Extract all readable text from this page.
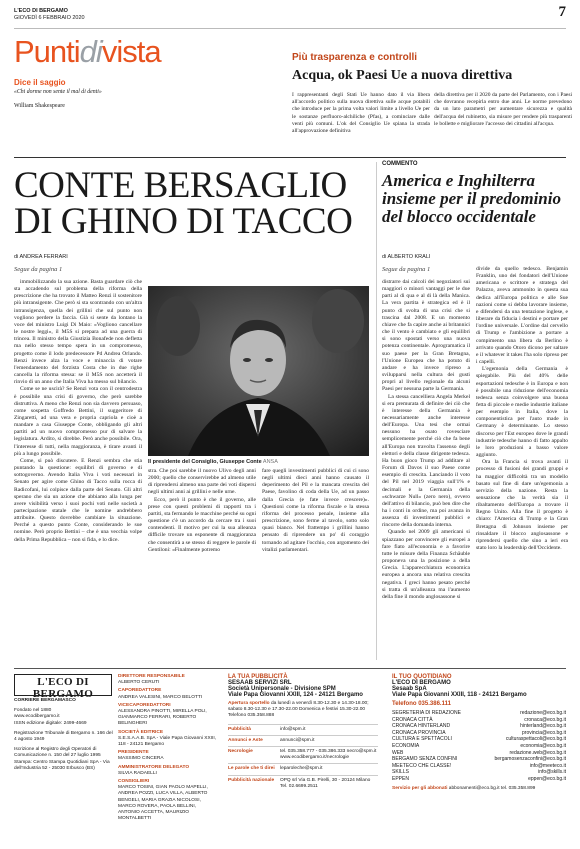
L'ECO DI BERGAMO
GIOVEDÌ 6 FEBBRAIO 2020	7
Puntidivista
Dice il saggio
«Chi dorme non sente il mal di denti»
William Shakespeare
Più trasparenza e controlli
Acqua, ok Paesi Ue a nuova direttiva
I rappresentanti degli Stati Ue hanno dato il via libera all'accordo politico sulla nuova direttiva sulle acque potabili che introduce per la prima volta valori limite a livello Ue per le sostanze perfluoro-alchiliche (Pfas), a cominciare dalle venti più comuni. L'ok del Consiglio Ue spiana la strada all'approvazione definitiva
della direttiva per il 2020 da parte del Parlamento, con i Paesi che dovranno recepirla entro due anni. Le norme prevedono da un lato parametri per aumentare sicurezza e qualità dell'acqua del rubinetto, sia misure per rendere più trasparenti le bollette e migliorare l'accesso dei cittadini all'acqua.
CONTE BERSAGLIO DI GHINO DI TACCO
COMMENTO
America e Inghilterra insieme per il predominio del blocco occidentale
di ANDREA FERRARI
Segue da pagina 1

immobilizzando la sua azione. Basta guardare ciò che sta accadendo sul problema della riforma della prescrizione che ha trovato il Matteo Renzi il sostenitore più intransigente. Che però si sta scontrando con un'altra intransigenza, quella dei grillini che sul punto non vogliono perdere la faccia. Già si sente da lontano la voce del ministro Luigi Di Maio: «Vogliono cancellare le nostre leggi», il M5S si prepara ad una guerra di trincea. Il ministro della Giustizia Bonafede non defletta ma nello stesso tempo spera in un compromesso, progetto come il lodo predecessore Pd Andrea Orlando. Renzi invece alza la voce e minaccia di votare l'emendamento del forzista Costa che in due righe cancella la riforma stessa: se il M5S non accetterà il rinvio di un anno che Italia Viva ha messo sul bilancio.

Come se ne uscirà? Se Renzi vota con il centrodestra è possibile una crisi di governo, che però sarebbe distruttiva. A meno che Renzi non sia davvero persuaso, come sospetta Goffredo Bettini, il suggeritore di Zingaretti, ad una vera e propria capriola e cioè a mandare a casa Giuseppe Conte, obbligando gli altri partiti ad un nuovo compromesso pur di salvare la legislatura. Ardito, si direbbe. Però anche possibile. Ora, l'interesse di tutti, nella maggioranza, è tirare avanti il più a lungo possibile.

Come, si può discutere. E Renzi sembra che stia puntando la questione: equilibri di governo e di sottogoverno. Avendo Italia Viva i voti necessari in Senato per agire come Ghino di Tacco sulla rocca di Radicofani, lui colpisce dalla parte del Senato. Gli altri sperano che sia un azione che abbiamo alla lunga per avere visibilità verso i suoi pochi voti nelle società a partecipazione statale che le nomine andrebbero attribuite. Questo dovrebbe cambiare la situazione. Perché a questo punto Conte, considerando le sue nomine. Però proprio Bettini – che è una vecchia volpe della Prima Repubblica – non si fida, e lo dice.

Il presidente del Consiglio, Giuseppe Conte ANSA

stra. Che poi sarebbe il nuovo Ulivo degli anni 2000; quello che conservirebbe ad almeno utile di riprendersi almeno una parte dei voti dispersi negli ultimi anni ai grillini e nelle urne.

Ecco, però il punto è che il governo, alle prese con questi problemi di rapporti tra i partiti, sta fermando le macchine perché su ogni questione c'è un accordo da cercare tra i suoi contendenti. Il motivo per cui la sua alleanza difficile trovare un esponente di maggioranza che consentirà a se stesso di reggere le parole di Gentiloni: «Finalmente potremo

fare quegli investimenti pubblici di cui ci sono negli ultimi dieci anni hanno causato il deperimento del Pil e la mancata crescita del Paese, favolino di coda della Ue, ad un passo dalla Grecia (e fate invece crescere)». Questioni come la riforma fiscale e la stessa riforma del processo penale, insieme alla prescrizione, sono ferme al tavolo, sotto solo quasi bianco. Nel frattempo i grillini hanno pensato di riprendere un po' di coraggio tornando ad agitare l'occhio, con argomento dei vitalizi parlamentari.

di ALBERTO KRALI
Segue da pagina 1

distrarre dai calcoli dei negoziatori sui maggiori o minori vantaggi per le due parti al di qua e al di là della Manica. La vera partita è strategica ed è il punto di svolta di una crisi che si trascina dal 2008. E un momento chiave che fa capire anche ai britannici che il vento è cambiato e gli equilibri si sono spostati verso una nuova potenza continentale. Aprogramatica il suo paese per la Gran Bretagna, l'Unione Europea che ha potuto di andare e ha invece ripreso a svilupparsi nella cultura dei gusti propri al livello regionale da alcuni Paesi per nessuna parte la Germania.

La stessa cancelliera Angela Merkel si era premurata di definire dei ciò che è interesse della Germania è necessariamente anche interesse dell'Europa. Una tesi che ormai nessuno ha osato rovesciare semplicemente perché ciò che fa bene all'Europa non travolta l'assenso degli elettori e della classe dirigente tedesca. Ha buon gioco Trump ad additare al Forum di Davos il suo Paese come esempio di crescita. Lanciando il voto del Pil nel 2019 viaggia sull'1% e decimali e la Germania della «schwarze Null» (zero nero), ovvero dell'attivo di bilancio, può ben dire che ha i conti in ordine, ma poi avanza in assenza di investimenti pubblici e rincorre della domanda interna.

Quando nel 2009 gli americani si spiazzano per convincere gli europei a fare fiato all'economia e a favorire tutte le misure della Finanza Schäuble proponeva una la posizione a della Grecia. L'apparecchiatura economica europea a ancora una relativa crescita negativa. I greci hanno pesato perché si tratta di un'alleanza ma l'aumento della fine il mondo anglosassone si

divide da quello tedesco. Benjamin Franklin, uno dei fondatori dell'Unione americana e scrittore e stratega del Palazzo, aveva ammonito in questa sua dedica all'Europa politica e alle Sue nazioni come si debba lavorare insieme, e difendersi da una tentazione inglese, e liberare da fiducia i destini e portare per l'ordine universale. L'ordine dal cervello di Trump e l'ambizione a portare a compimento una libera da Berlino è arrivato quando Otoro dicono per saltare e il whatever it takes l'ha solo ripreso per i capelli.

L'egemonia della Germania è spiegabile. Più del 40% delle esportazioni tedesche è in Europa e non è possibile una riduzione dell'economia tedesca senza coinvolgere una buona fetta di piccole e medie industrie italiane per esempio in Italia, dove la componentistica per l'auto made in Germany è determinante. Lo stesso discorso per l'Est europeo dove le grandi industrie tedesche hanno di fatto appalto le loro produzioni a basso valore aggiunto.

Ora la Francia si trova avanti il processo di fusioni dei grandi gruppi e ha maggior difficoltà tra un modello basato sul fine di dare un'egemonia a servizio della nazione. Resta la sensazione che la verità sia il ribaltamento dell'Europa a trovare il Regno Unito. Alla fine il progetto è chiaro: l'America di Trump e la Gran Bretagna di Johnson insieme per rinsaldare il blocco anglosassone e riprendersi quello che sino a ieri era stato loro la leadership dell'Occidente.

L'ECO DI BERGAMO
CORRIERE BERGAMASCO
Fondato nel 1880
www.ecodibergamo.it
ISSN edizione digitale: 2499-4669
Registrazione Tribunale di Bergamo n. 166 del 4 agosto 1949
Iscrizione al Registro degli Operatori di Comunicazione n. 150 del 27 luglio 1995 Stampa: Centro Stampa Quotidiani SpA - Via dell'Industria 52 - 25030 Erbusco (BS)
DIRETTORE RESPONSABILE
ALBERTO CERUTI
CAPOREDATTORE
ANDREA VALESINI, MARCO BELOTTI
VICECAPOREDATTORI
ALESSANDRA PINOTTI, MIRELLA POLI, GIANMARCO FERRARI, ROBERTO BELINGHERI
SOCIETÀ EDITRICE
S.E.S.A.A.B. SpA - Viale Papa Giovanni XXIII, 118 - 24121 Bergamo
PRESIDENTE
MASSIMO CINCERA
AMMINISTRATORE DELEGATO
SILVIA RADAELLI
CONSIGLIERI
MARCO TOSINI, GIAN PAOLO MAPELLI, ANDREA POZZI, LUCA VILLA, ALBERTO BENGELI, MARIA GRAZIA NICOLOSI, MARCO ROVERA, PAOLA BELLINI, ANTONIO ACCETTA, MAURIZIO MONTALBETTI
LA TUA PUBBLICITÀ
SESAAB SERVIZI SRL
Società Unipersonale - Divisione SPM
Viale Papa Giovanni XXIII, 124 - 24121 Bergamo
Apertura sportello da lunedì a venerdì 8.30-12.30 e 14.30-18.00; sabato 8.30-12.30 e 17.30-22.00 Domenica e festivi 15.30-22.00 Telefono 035.358.888
Pubblicità	info@spm.it
Annunci e Aste	annunci@spm.it
Necrologie	tel. 035.358.777 - 035.386.333 necro@spm.it www.ecodibergamo.it/necrologie
Le parole che ti direi	leparoleche@spm.it
Pubblicità nazionale	OPQ srl Via G.B. Pirelli, 30 - 20124 Milano Tel. 02.6699.2511
IL TUO QUOTIDIANO
L'ECO DI BERGAMO
Sesaab SpA
Viale Papa Giovanni XXIII, 118 - 24121 Bergamo
Telefono 035.386.111
SEGRETERIA DI REDAZIONE	redazione@eco.bg.it
CRONACA CITTÀ	cronaca@eco.bg.it
CRONACA HINTERLAND	hinterland@eco.bg.it
CRONACA PROVINCIA	provincia@eco.bg.it
CULTURA E SPETTACOLI	culturaspettacoli@eco.bg.it
ECONOMIA	economia@eco.bg.it
WEB	redazione.web@eco.bg.it
BERGAMO SENZA CONFINI	bergamosenzaconfini@eco.bg.it
MEETECO CHE CLASSE!	info@meeteco.it
SKILLS	info@skills.it
EPPEN	eppen@eco.bg.it
Servizio per gli abbonati abbonamenti@eco.bg.it tel. 035.358.899
